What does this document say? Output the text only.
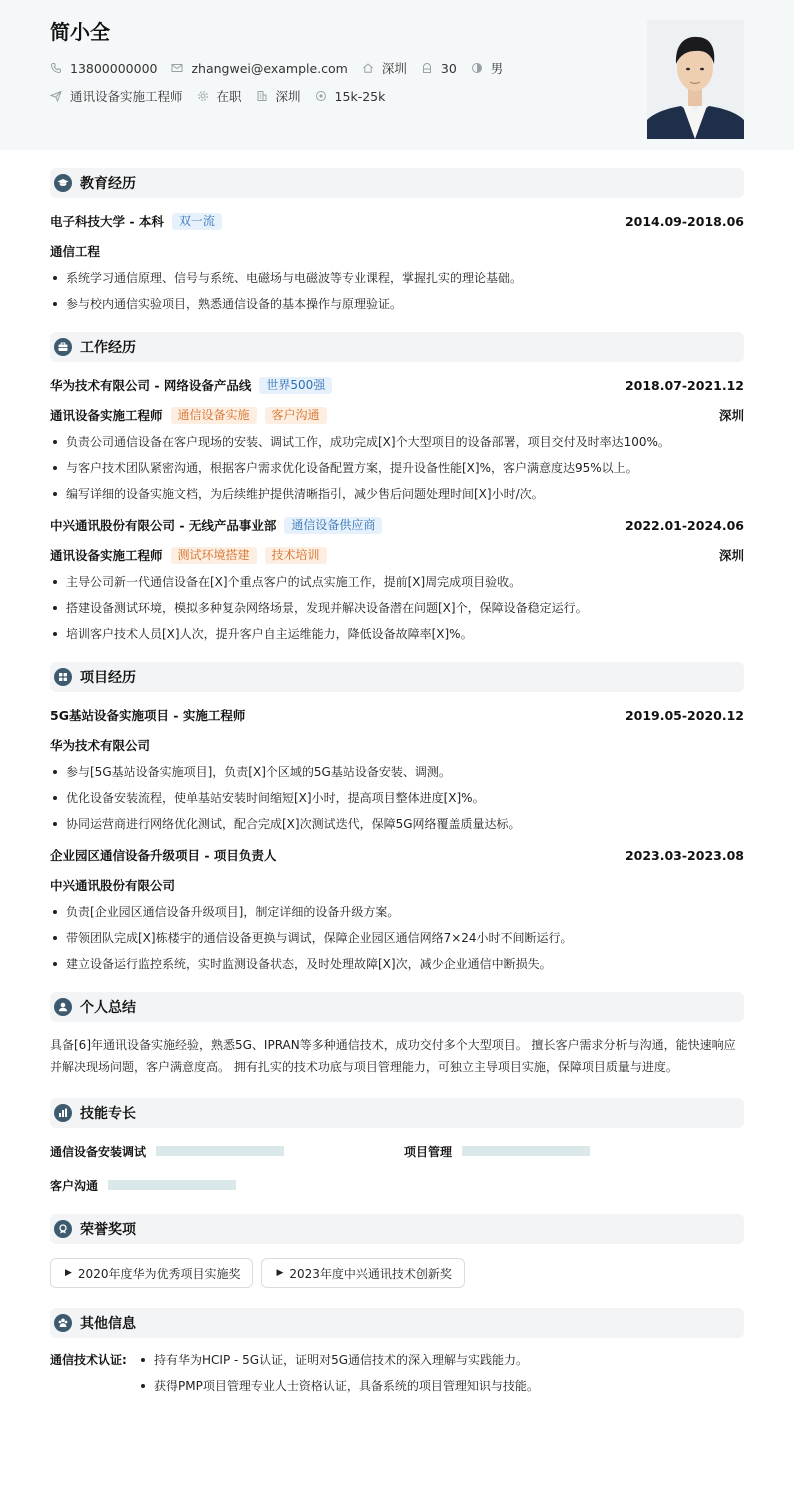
简小全
13800000000	zhangwei@example.com	深圳	30	男
通讯设备实施工程师	在职	深圳	15k-25k
教育经历
电子科技大学 - 本科	双一流	2014.09-2018.06
通信工程
系统学习通信原理、信号与系统、电磁场与电磁波等专业课程，掌握扎实的理论基础。
参与校内通信实验项目，熟悉通信设备的基本操作与原理验证。
工作经历
华为技术有限公司 - 网络设备产品线	世界500强	2018.07-2021.12
通讯设备实施工程师	通信设备实施	客户沟通	深圳
负责公司通信设备在客户现场的安装、调试工作，成功完成[X]个大型项目的设备部署，项目交付及时率达100%。
与客户技术团队紧密沟通，根据客户需求优化设备配置方案，提升设备性能[X]%，客户满意度达95%以上。
编写详细的设备实施文档，为后续维护提供清晰指引，减少售后问题处理时间[X]小时/次。
中兴通讯股份有限公司 - 无线产品事业部	通信设备供应商	2022.01-2024.06
通讯设备实施工程师	测试环境搭建	技术培训	深圳
主导公司新一代通信设备在[X]个重点客户的试点实施工作，提前[X]周完成项目验收。
搭建设备测试环境，模拟多种复杂网络场景，发现并解决设备潜在问题[X]个，保障设备稳定运行。
培训客户技术人员[X]人次，提升客户自主运维能力，降低设备故障率[X]%。
项目经历
5G基站设备实施项目 - 实施工程师	2019.05-2020.12
华为技术有限公司
参与[5G基站设备实施项目]，负责[X]个区域的5G基站设备安装、调测。
优化设备安装流程，使单基站安装时间缩短[X]小时，提高项目整体进度[X]%。
协同运营商进行网络优化测试，配合完成[X]次测试迭代，保障5G网络覆盖质量达标。
企业园区通信设备升级项目 - 项目负责人	2023.03-2023.08
中兴通讯股份有限公司
负责[企业园区通信设备升级项目]，制定详细的设备升级方案。
带领团队完成[X]栋楼宇的通信设备更换与调试，保障企业园区通信网络7×24小时不间断运行。
建立设备运行监控系统，实时监测设备状态，及时处理故障[X]次，减少企业通信中断损失。
个人总结

具备[6]年通讯设备实施经验，熟悉5G、IPRAN等多种通信技术，成功交付多个大型项目。 擅长客户需求分析与沟通，能快速响应并解决现场问题，客户满意度高。 拥有扎实的技术功底与项目管理能力，可独立主导项目实施，保障项目质量与进度。

技能专长
通信设备安装调试	项目管理
客户沟通
荣誉奖项
▶ 2020年度华为优秀项目实施奖	▶ 2023年度中兴通讯技术创新奖
其他信息
通信技术认证:	持有华为HCIP - 5G认证，证明对5G通信技术的深入理解与实践能力。
获得PMP项目管理专业人士资格认证，具备系统的项目管理知识与技能。
